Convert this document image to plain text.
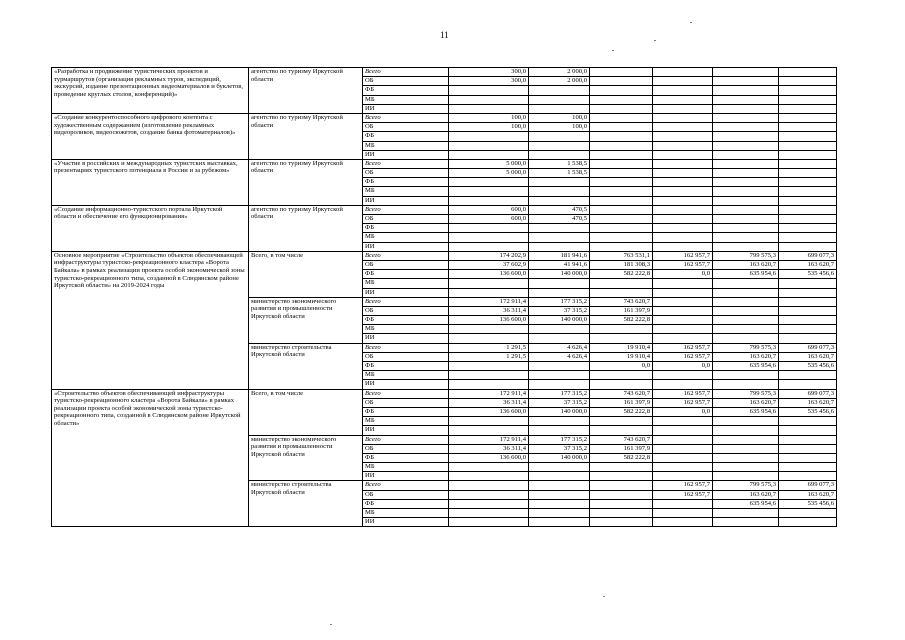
11
«Разработка и продвижение туристических проектов и турмаршрутов (организация рекламных туров, экспедиций, экскурсий, издание презентационных видеоматериалов и буклетов, проведение круглых столов, конференций)»	агентство по туризму Иркутской области	Всего	300,0	2 000,0				
		ОБ	300,0	2 000,0				
		ФБ						
		МБ						
		ИИ						
«Создание конкурентоспособного цифрового контента с художественным содержанием (изготовление рекламных видеороликов, видеосюжетов, создание банка фотоматериалов)»	агентство по туризму Иркутской области	Всего	100,0	100,0				
		ОБ	100,0	100,0				
		ФБ						
		МБ						
		ИИ						
«Участие в российских и международных туристских выставках, презентациях туристского потенциала в России и за рубежом»	агентство по туризму Иркутской области	Всего	5 000,0	1 538,5				
		ОБ	5 000,0	1 538,5				
		ФБ						
		МБ						
		ИИ						
«Создание информационно-туристского портала Иркутской области и обеспечение его функционирования»	агентство по туризму Иркутской области	Всего	600,0	470,5				
		ОБ	600,0	470,5				
		ФБ						
		МБ						
		ИИ						
Основное мероприятие «Строительство объектов обеспечивающей инфраструктуры туристско-рекреационного кластера «Ворота Байкала» в рамках реализации проекта особой экономической зоны туристско-рекреационного типа, созданной в Слюдянском районе Иркутской области» на 2019-2024 годы	Всего, в том числе	Всего	174 202,9	181 941,6	763 531,1	162 957,7	799 575,3	699 077,3
		ОБ	37 602,9	41 941,6	181 308,3	162 957,7	163 620,7	163 620,7
		ФБ	136 600,0	140 000,0	582 222,8	0,0	635 954,6	535 456,6
		МБ						
		ИИ						
	министерство экономического развития и промышленности Иркутской области	Всего	172 911,4	177 315,2	743 620,7			
		ОБ	36 311,4	37 315,2	161 397,9			
		ФБ	136 600,0	140 000,0	582 222,8			
		МБ						
		ИИ						
	министерство строительства Иркутской области	Всего	1 291,5	4 626,4	19 910,4	162 957,7	799 575,3	699 077,3
		ОБ	1 291,5	4 626,4	19 910,4	162 957,7	163 620,7	163 620,7
		ФБ			0,0	0,0	635 954,6	535 456,6
		МБ						
		ИИ						
«Строительство объектов обеспечивающей инфраструктуры туристско-рекреационного кластера «Ворота Байкала» в рамках реализации проекта особой экономической зоны туристско-рекреационного типа, созданной в Слюдянском районе Иркутской области»	Всего, в том числе	Всего	172 911,4	177 315,2	743 620,7	162 957,7	799 575,3	699 077,3
		ОБ	36 311,4	37 315,2	161 397,9	162 957,7	163 620,7	163 620,7
		ФБ	136 600,0	140 000,0	582 222,8	0,0	635 954,6	535 456,6
		МБ						
		ИИ						
	министерство экономического развития и промышленности Иркутской области	Всего	172 911,4	177 315,2	743 620,7			
		ОБ	36 311,4	37 315,2	161 397,9			
		ФБ	136 600,0	140 000,0	582 222,8			
		МБ						
		ИИ						
	министерство строительства Иркутской области	Всего				162 957,7	799 575,3	699 077,3
		ОБ				162 957,7	163 620,7	163 620,7
		ФБ					635 954,6	535 456,6
		МБ						
		ИИ						
